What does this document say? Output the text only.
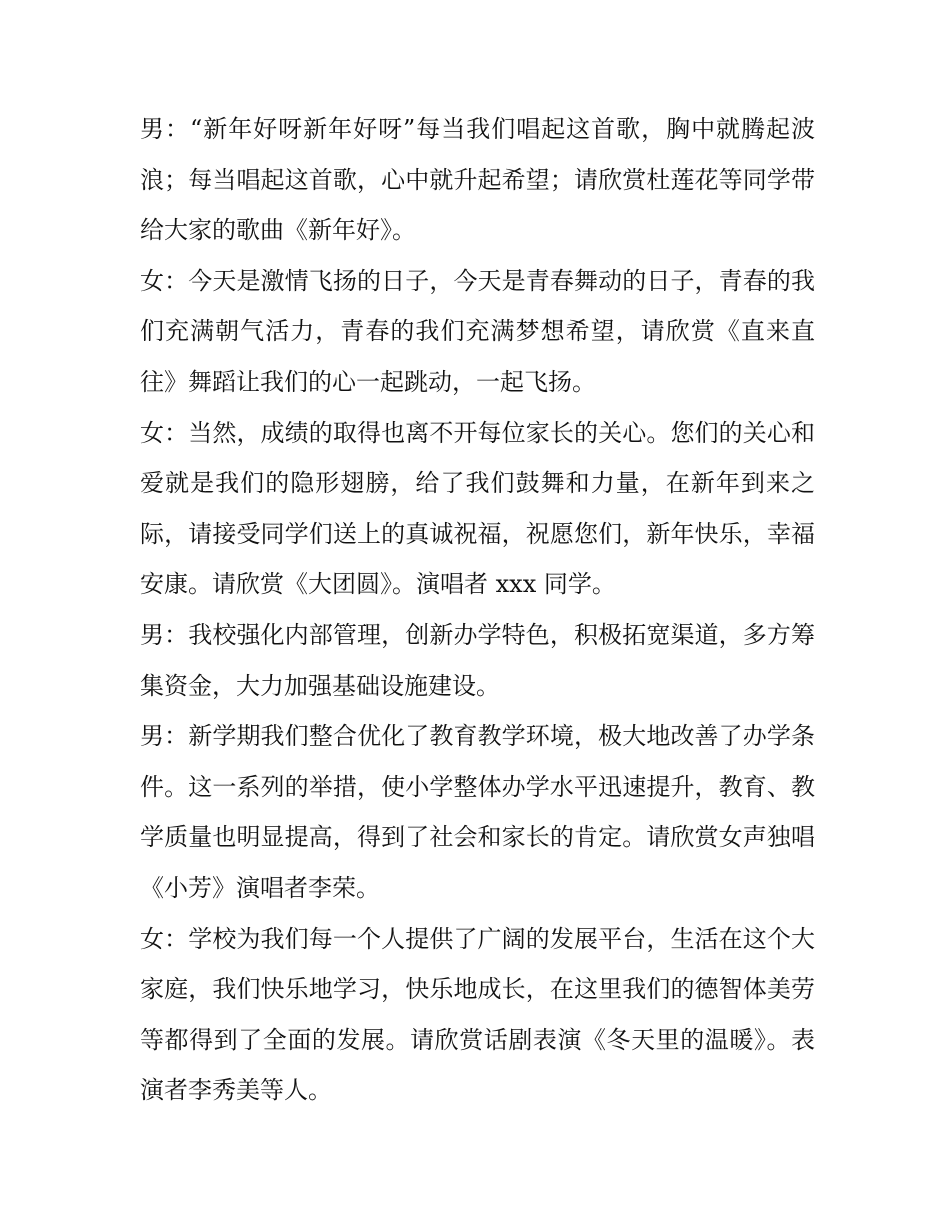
男：“新年好呀新年好呀”每当我们唱起这首歌，胸中就腾起波浪；每当唱起这首歌，心中就升起希望；请欣赏杜莲花等同学带给大家的歌曲《新年好》。

女：今天是激情飞扬的日子，今天是青春舞动的日子，青春的我们充满朝气活力，青春的我们充满梦想希望，请欣赏《直来直往》舞蹈让我们的心一起跳动，一起飞扬。

女：当然，成绩的取得也离不开每位家长的关心。您们的关心和爱就是我们的隐形翅膀，给了我们鼓舞和力量，在新年到来之际，请接受同学们送上的真诚祝福，祝愿您们，新年快乐，幸福安康。请欣赏《大团圆》。演唱者 xxx 同学。

男：我校强化内部管理，创新办学特色，积极拓宽渠道，多方筹集资金，大力加强基础设施建设。

男：新学期我们整合优化了教育教学环境，极大地改善了办学条件。这一系列的举措，使小学整体办学水平迅速提升，教育、教学质量也明显提高，得到了社会和家长的肯定。请欣赏女声独唱《小芳》演唱者李荣。

女：学校为我们每一个人提供了广阔的发展平台，生活在这个大家庭，我们快乐地学习，快乐地成长，在这里我们的德智体美劳等都得到了全面的发展。请欣赏话剧表演《冬天里的温暖》。表演者李秀美等人。
